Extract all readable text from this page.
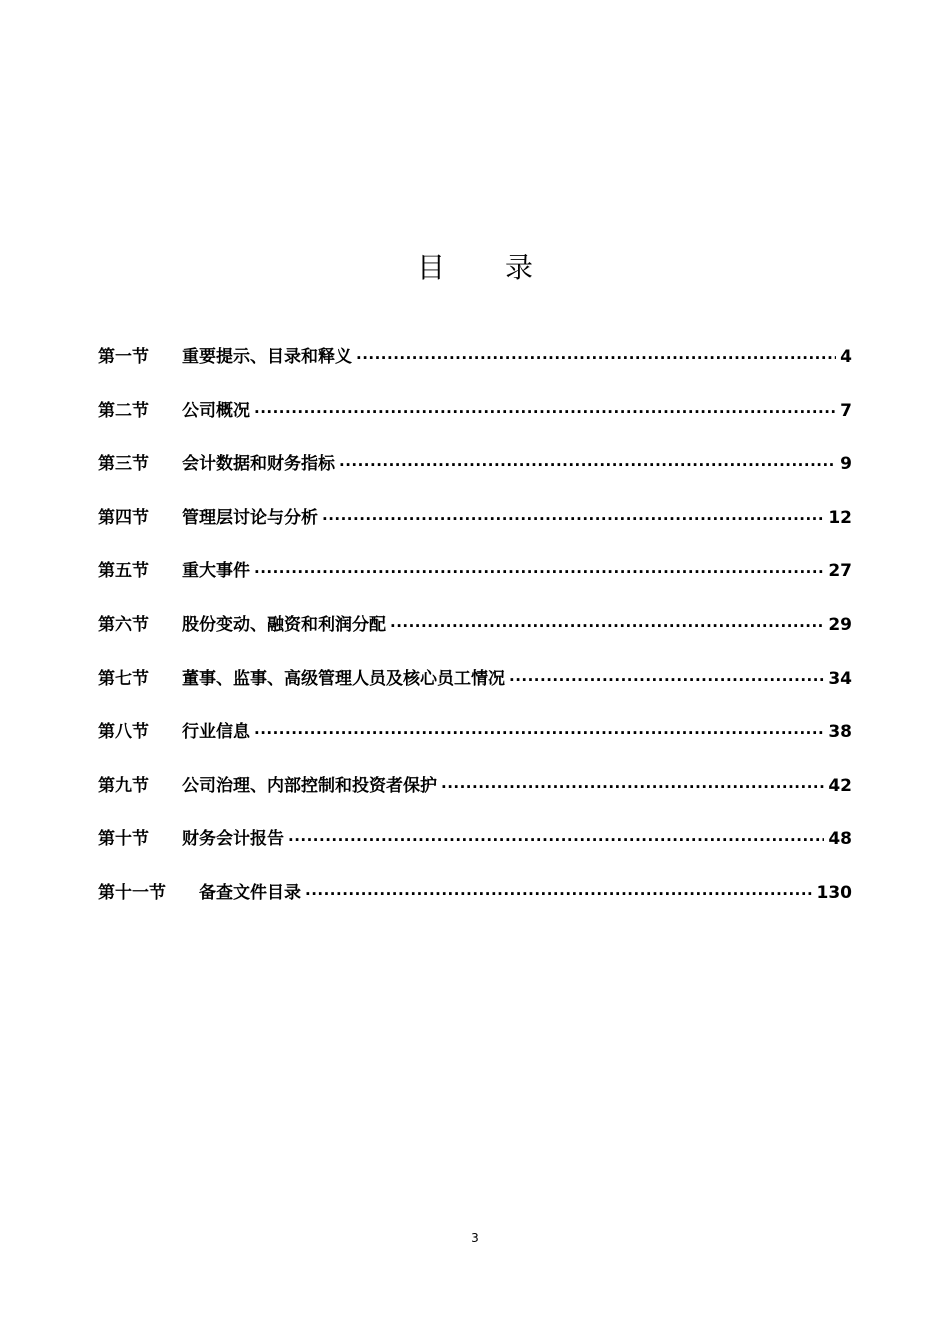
目 录
第一节	重要提示、目录和释义 .....	4
第二节	公司概况 .....	7
第三节	会计数据和财务指标 .....	9
第四节	管理层讨论与分析 .....	12
第五节	重大事件 .....	27
第六节	股份变动、融资和利润分配 .....	29
第七节	董事、监事、高级管理人员及核心员工情况 .....	34
第八节	行业信息 .....	38
第九节	公司治理、内部控制和投资者保护 .....	42
第十节	财务会计报告 .....	48
第十一节	备查文件目录 .....	130
3
